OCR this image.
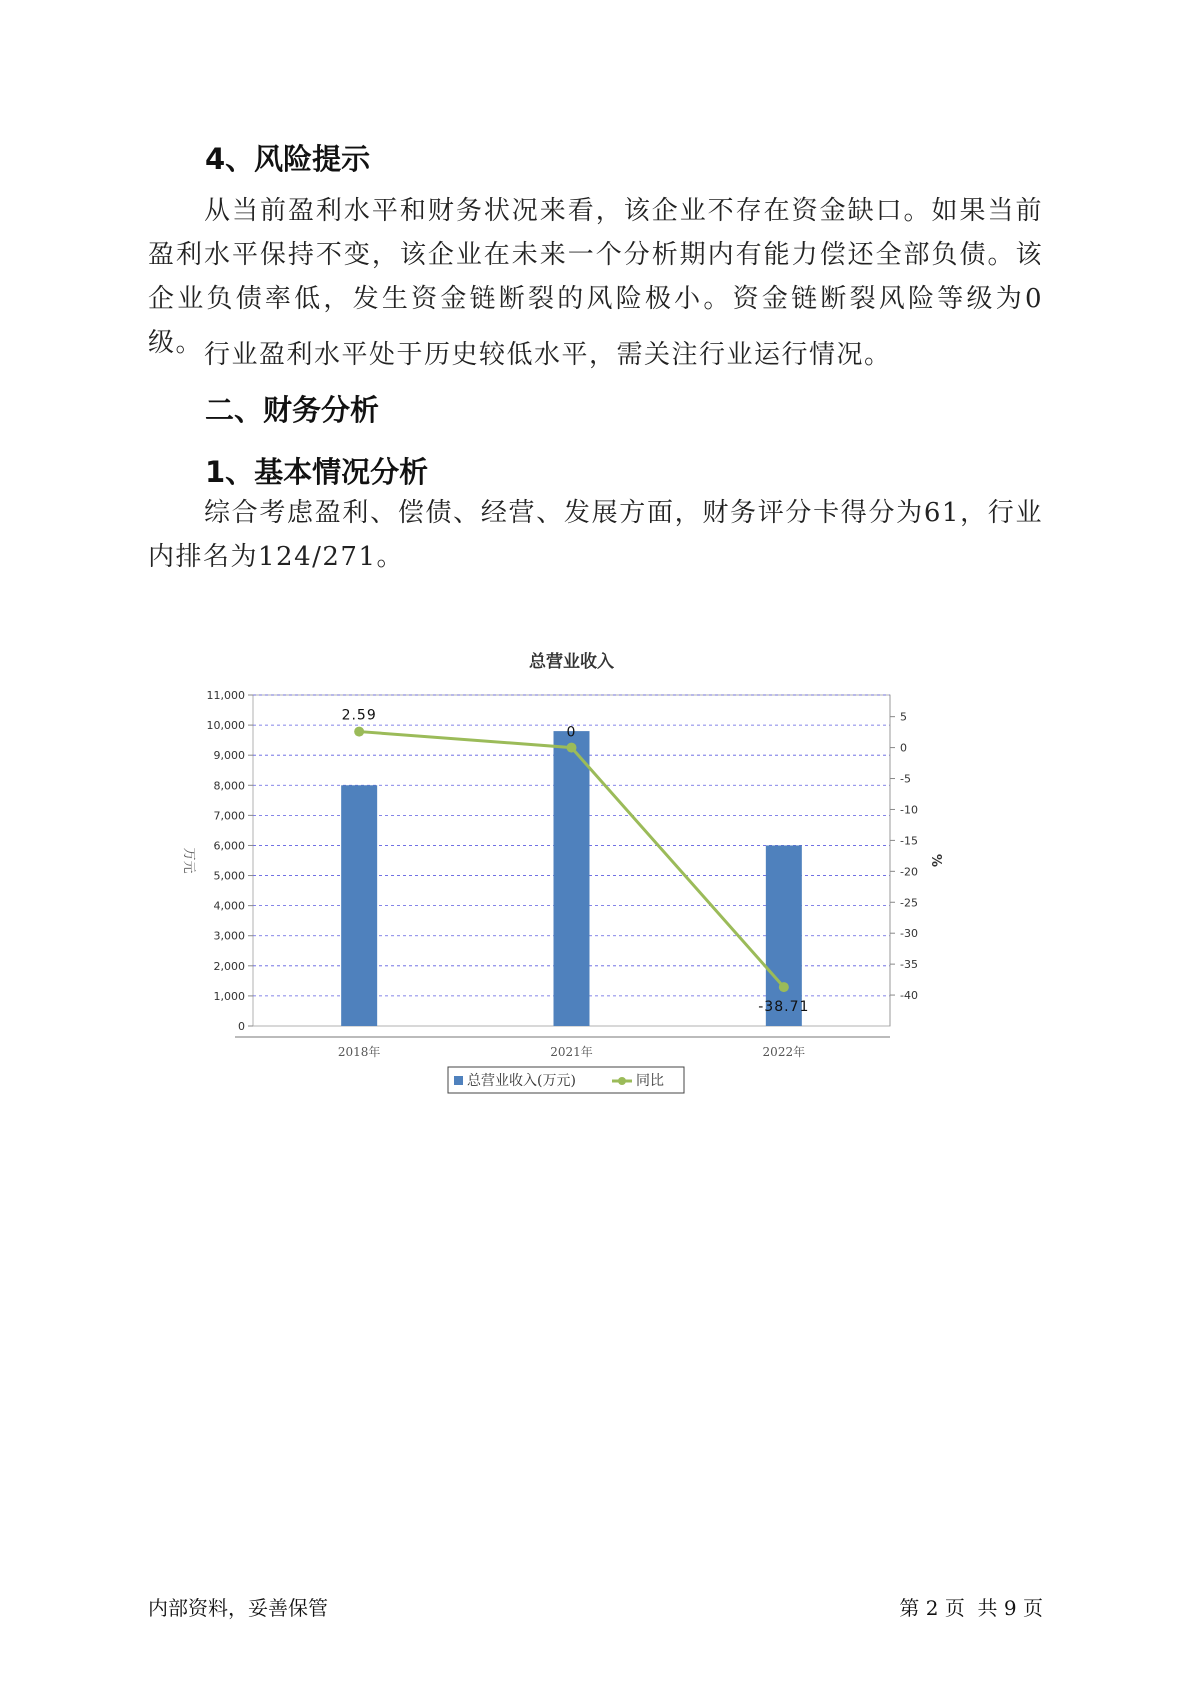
4、风险提示

从当前盈利水平和财务状况来看，该企业不存在资金缺口。如果当前盈利水平保持不变，该企业在未来一个分析期内有能力偿还全部负债。该企业负债率低，发生资金链断裂的风险极小。资金链断裂风险等级为0级。 行业盈利水平处于历史较低水平，需关注行业运行情况。

二、财务分析
1、基本情况分析

综合考虑盈利、偿债、经营、发展方面，财务评分卡得分为61，行业内排名为124/271。

总营业收入
0
1,000
2,000
3,000
4,000
5,000
6,000
7,000
8,000
9,000
10,000
11,000
5
0
-5
-10
-15
-20
-25
-30
-35
-40
万元	%
2018年	2021年	2022年
2.59
0
-38.71
总营业收入(万元)	同比
内部资料，妥善保管	第 2 页  共 9 页
